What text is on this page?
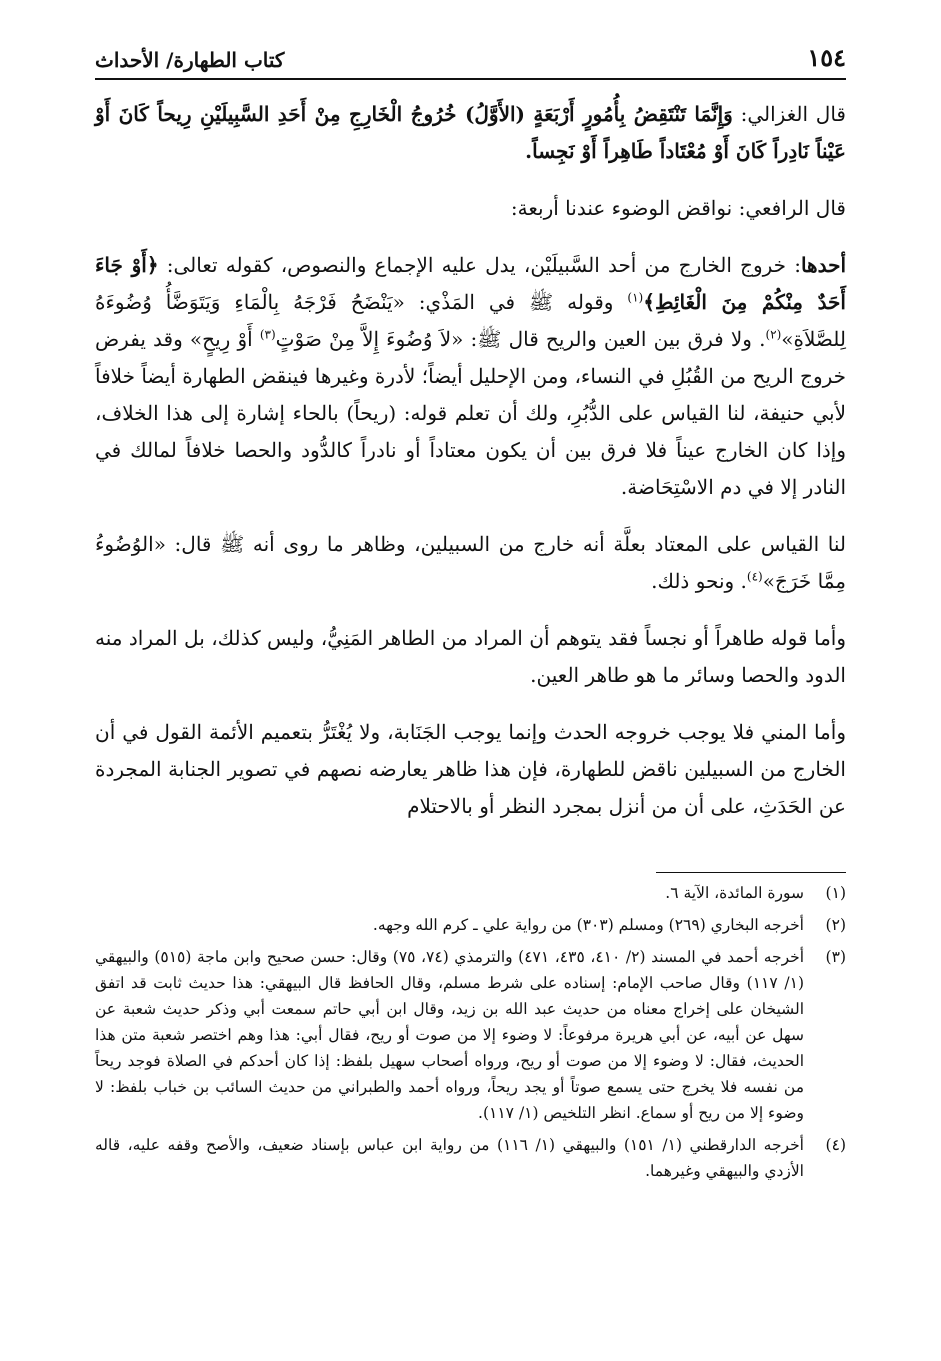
١٥٤
كتاب الطهارة/ الأحداث

قال الغزالي: وَإِنَّمَا تَنْتَقِضُ بِأُمُورٍ أَرْبَعَةٍ (الأَوَّلُ) خُرُوجُ الْخَارِجِ مِنْ أَحَدِ السَّبِيلَيْنِ رِيحاً كَانَ أَوْ عَيْناً نَادِراً كَانَ أَوْ مُعْتَاداً طَاهِراً أَوْ نَجِساً.

قال الرافعي: نواقض الوضوء عندنا أربعة:

أحدها: خروج الخارج من أحد السَّبيلَيْن، يدل عليه الإجماع والنصوص، كقوله تعالى: ﴿أَوْ جَاءَ أَحَدٌ مِنْكُمْ مِنَ الْغَائِطِ﴾$^{(١)}$ وقوله ﷺ في المَذْي: «يَنْضَحُ فَرْجَهُ بِالْمَاءِ وَيَتَوَضَّأُ وُضُوءَهُ لِلصَّلاَةِ»$^{(٢)}$. ولا فرق بين العين والريح قال ﷺ: «لاَ وُضُوءَ إِلاَّ مِنْ صَوْتٍ$^{(٣)}$ أَوْ رِيحٍ» وقد يفرض خروج الريح من القُبُلِ في النساء، ومن الإحليل أيضاً؛ لأدرة وغيرها فينقض الطهارة أيضاً خلافاً لأبي حنيفة، لنا القياس على الدُّبُرِ، ولك أن تعلم قوله: (ريحاً) بالحاء إشارة إلى هذا الخلاف، وإذا كان الخارج عيناً فلا فرق بين أن يكون معتاداً أو نادراً كالدُّود والحصا خلافاً لمالك في النادر إلا في دم الاسْتِحَاضة.

لنا القياس على المعتاد بعلَّة أنه خارج من السبيلين، وظاهر ما روى أنه ﷺ قال: «الوُضُوءُ مِمَّا خَرَجَ»$^{(٤)}$. ونحو ذلك.

وأما قوله طاهراً أو نجساً فقد يتوهم أن المراد من الطاهر المَنِيُّ، وليس كذلك، بل المراد منه الدود والحصا وسائر ما هو طاهر العين.

وأما المني فلا يوجب خروجه الحدث وإنما يوجب الجَنَابة، ولا يُغْتَرُّ بتعميم الأئمة القول في أن الخارج من السبيلين ناقض للطهارة، فإن هذا ظاهر يعارضه نصهم في تصوير الجنابة المجردة عن الحَدَثِ، على أن من أنزل بمجرد النظر أو بالاحتلام

(١)
سورة المائدة، الآية ٦.
(٢)
أخرجه البخاري (٢٦٩) ومسلم (٣٠٣) من رواية علي ـ كرم الله وجهه.
(٣)
أخرجه أحمد في المسند (٢/ ٤١٠، ٤٣٥، ٤٧١) والترمذي (٧٤، ٧٥) وقال: حسن صحيح وابن ماجة (٥١٥) والبيهقي (١/ ١١٧) وقال صاحب الإمام: إسناده على شرط مسلم، وقال الحافظ قال البيهقي: هذا حديث ثابت قد اتفق الشيخان على إخراج معناه من حديث عبد الله بن زيد، وقال ابن أبي حاتم سمعت أبي وذكر حديث شعبة عن سهل عن أبيه، عن أبي هريرة مرفوعاً: لا وضوء إلا من صوت أو ريح، فقال أبي: هذا وهم اختصر شعبة متن هذا الحديث، فقال: لا وضوء إلا من صوت أو ريح، ورواه أصحاب سهيل بلفظ: إذا كان أحدكم في الصلاة فوجد ريحاً من نفسه فلا يخرج حتى يسمع صوتاً أو يجد ريحاً، ورواه أحمد والطبراني من حديث السائب بن خباب بلفظ: لا وضوء إلا من ريح أو سماع. انظر التلخيص (١/ ١١٧).
(٤)
أخرجه الدارقطني (١/ ١٥١) والبيهقي (١/ ١١٦) من رواية ابن عباس بإسناد ضعيف، والأصح وقفه عليه، قاله الأزدي والبيهقي وغيرهما.
